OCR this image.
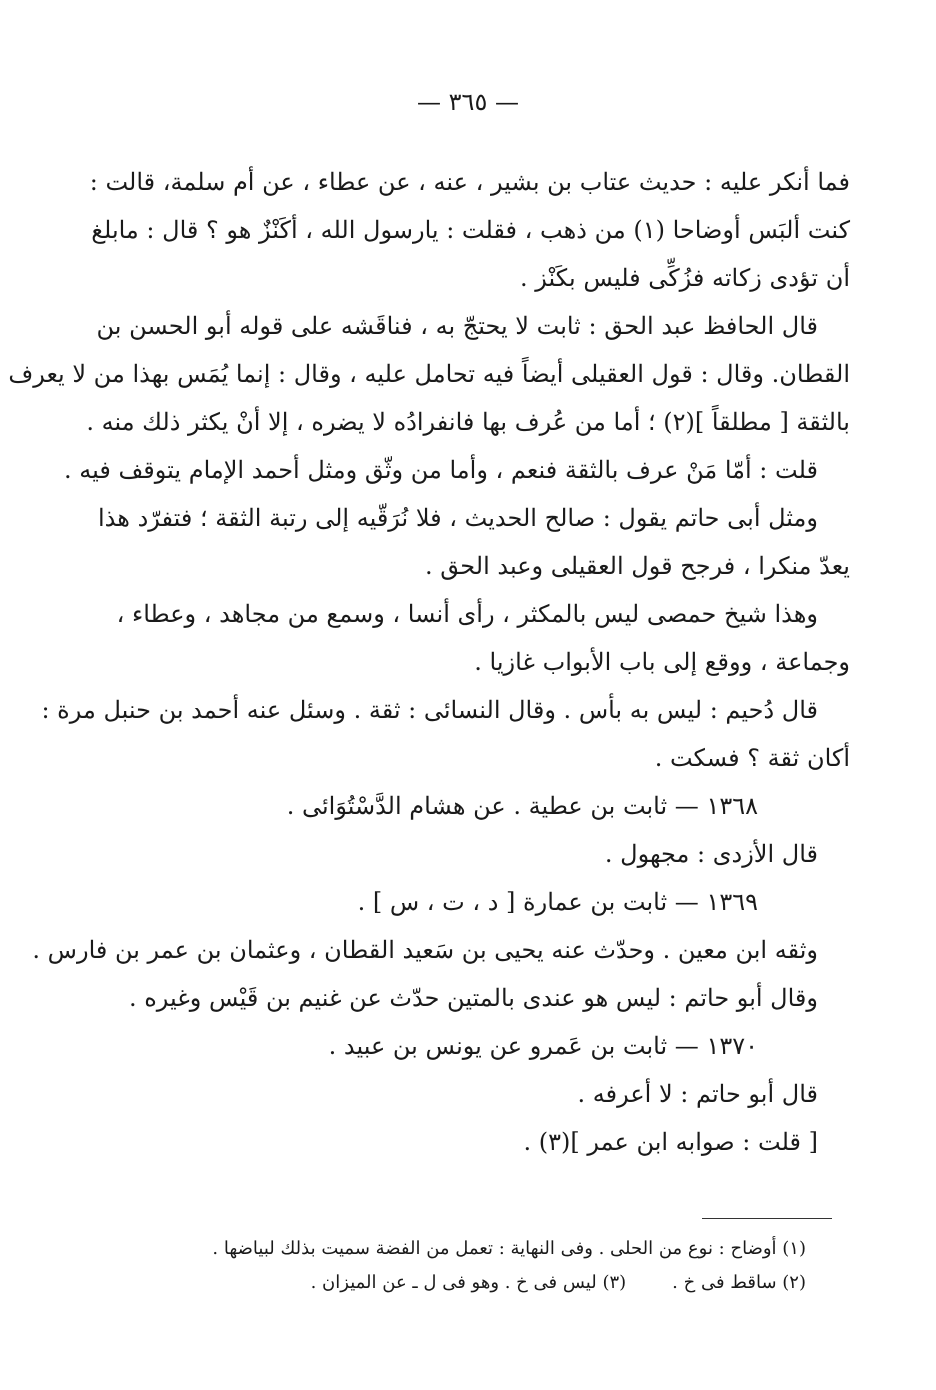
— ٣٦٥ —
فما أنكر عليه : حديث عتاب بن بشير ، عنه ، عن عطاء ، عن أم سلمة، قالت :
كنت ألبَس أوضاحا (١) من ذهب ، فقلت : يارسول الله ، أكَنْزٌ هو ؟ قال : مابلغ
أن تؤدى زكاته فزُكِّى فليس بكَنْز .
قال الحافظ عبد الحق : ثابت لا يحتجّ به ، فناقَشه على قوله أبو الحسن بن
القطان. وقال : قول العقيلى أيضاً فيه تحامل عليه ، وقال : إنما يُمَس بهذا من لا يعرف
بالثقة [ مطلقاً ](٢) ؛ أما من عُرف بها فانفرادُه لا يضره ، إلا أنْ يكثر ذلك منه .
قلت : أمّا مَنْ عرف بالثقة فنعم ، وأما من وثّق ومثل أحمد الإمام يتوقف فيه .
ومثل أبى حاتم يقول : صالح الحديث ، فلا نُرَقّيه إلى رتبة الثقة ؛ فتفرّد هذا
يعدّ منكرا ، فرجح قول العقيلى وعبد الحق .
وهذا شيخ حمصى ليس بالمكثر ، رأى أنسا ، وسمع من مجاهد ، وعطاء ،
وجماعة ، ووقع إلى باب الأبواب غازيا .
قال دُحيم : ليس به بأس . وقال النسائى : ثقة . وسئل عنه أحمد بن حنبل مرة :
أكان ثقة ؟ فسكت .
١٣٦٨ — ثابت بن عطية . عن هشام الدَّسْتُوَائى .
قال الأزدى : مجهول .
١٣٦٩ — ثابت بن عمارة [ د ، ت ، س ] .
وثقه ابن معين . وحدّث عنه يحيى بن سَعيد القطان ، وعثمان بن عمر بن فارس .
وقال أبو حاتم : ليس هو عندى بالمتين حدّث عن غنيم بن قَيْس وغيره .
١٣٧٠ — ثابت بن عَمرو عن يونس بن عبيد .
قال أبو حاتم : لا أعرفه .
[ قلت : صوابه ابن عمر ](٣) .
(١) أوضاح : نوع من الحلى . وفى النهاية : تعمل من الفضة سميت بذلك لبياضها .
(٢) ساقط فى خ .(٣) ليس فى خ . وهو فى ل ـ عن الميزان .
